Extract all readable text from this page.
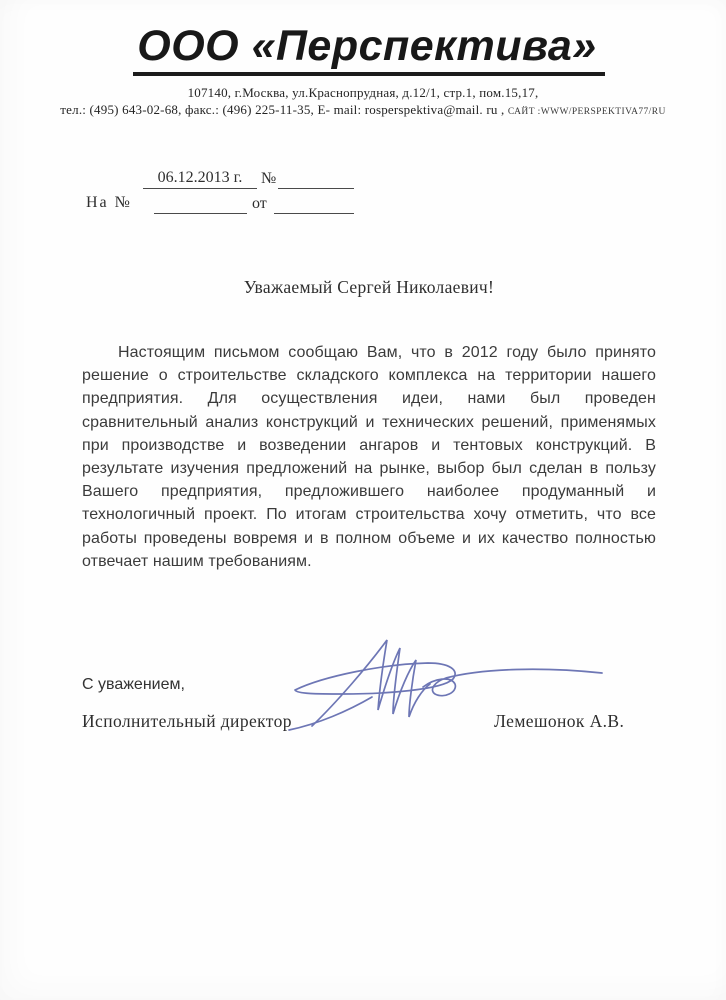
ООО «Перспектива»
107140, г.Москва, ул.Краснопрудная, д.12/1, стр.1, пом.15,17,
тел.: (495) 643-02-68, факс.: (496) 225-11-35, E- mail: rosperspektiva@mail. ru , САЙТ :WWW/PERSPEKTIVA77/RU
06.12.2013 г.	№
На №	от
Уважаемый Сергей Николаевич!
Настоящим письмом сообщаю Вам, что в 2012 году было принято решение о строительстве складского комплекса на территории нашего предприятия. Для осуществления идеи, нами был проведен сравнительный анализ конструкций и технических решений, применямых при производстве и возведении ангаров и тентовых конструкций. В результате изучения предложений на рынке, выбор был сделан в пользу Вашего предприятия, предложившего наиболее продуманный и технологичный проект. По итогам строительства хочу отметить, что все работы проведены вовремя и в полном объеме и их качество полностью отвечает нашим требованиям.
С уважением,
Исполнительный директор	Лемешонок А.В.
